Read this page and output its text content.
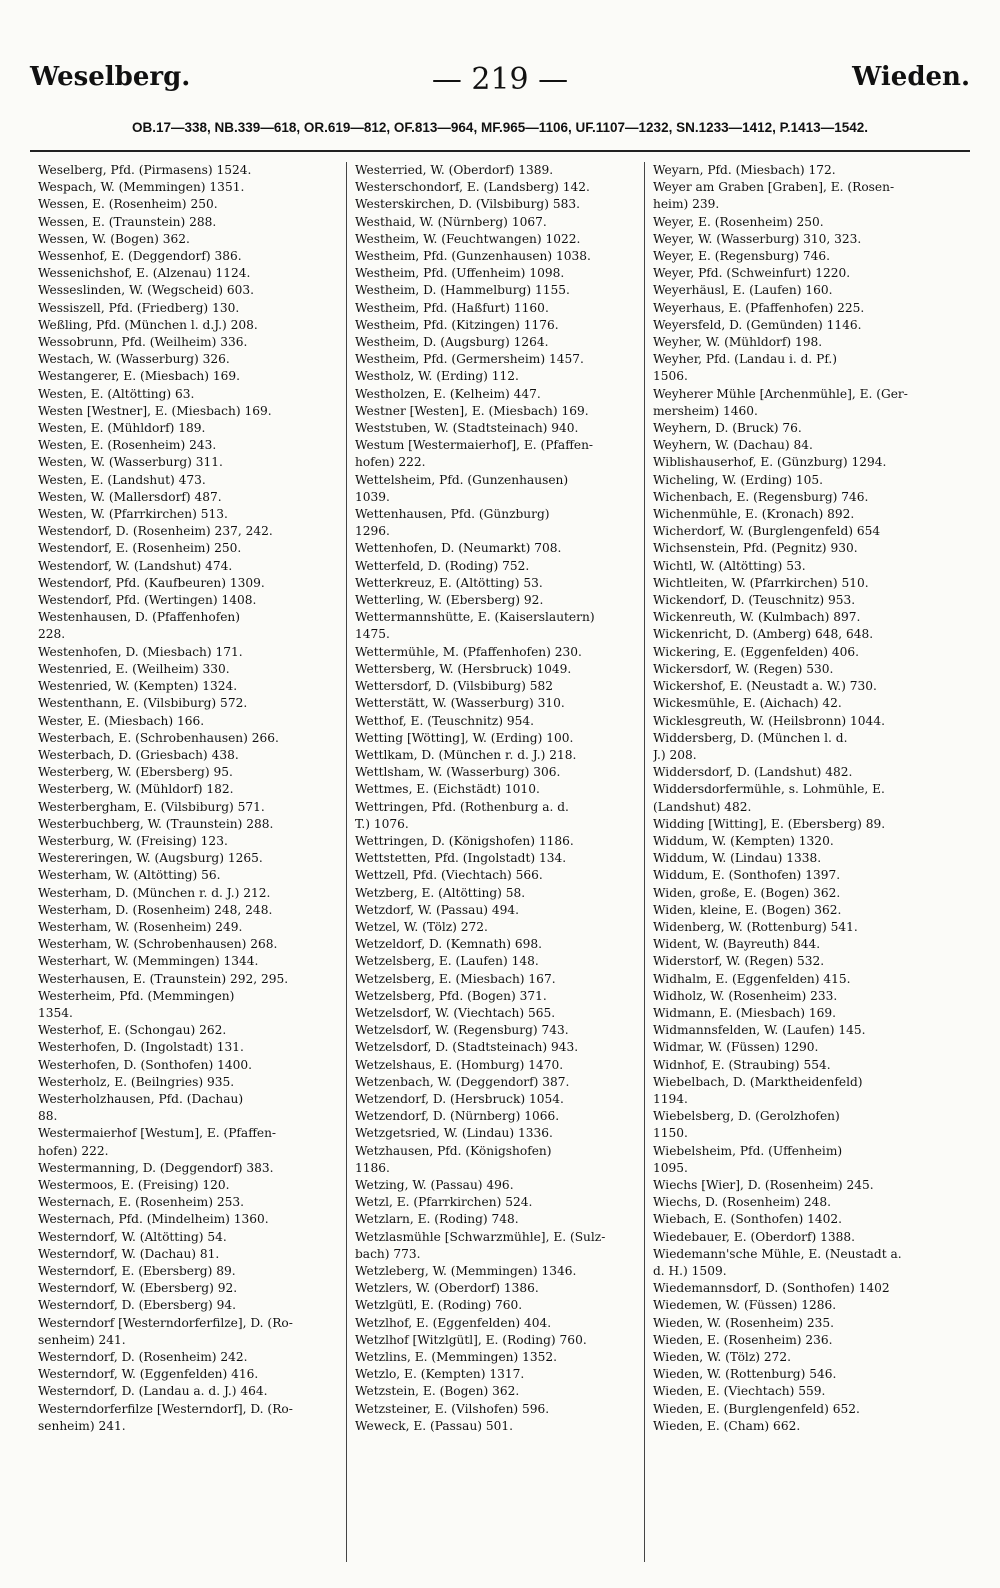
Weselberg.	— 219 —	Wieden.
OB.17—338, NB.339—618, OR.619—812, OF.813—964, MF.965—1106, UF.1107—1232, SN.1233—1412, P.1413—1542.
Weselberg, Pfd. (Pirmasens) 1524.
Wespach, W. (Memmingen) 1351.
Wessen, E. (Rosenheim) 250.
Wessen, E. (Traunstein) 288.
Wessen, W. (Bogen) 362.
Wessenhof, E. (Deggendorf) 386.
Wessenichshof, E. (Alzenau) 1124.
Wesseslinden, W. (Wegscheid) 603.
Wessiszell, Pfd. (Friedberg) 130.
Weßling, Pfd. (München l. d.J.) 208.
Wessobrunn, Pfd. (Weilheim) 336.
Westach, W. (Wasserburg) 326.
Westangerer, E. (Miesbach) 169.
Westen, E. (Altötting) 63.
Westen [Westner], E. (Miesbach) 169.
Westen, E. (Mühldorf) 189.
Westen, E. (Rosenheim) 243.
Westen, W. (Wasserburg) 311.
Westen, E. (Landshut) 473.
Westen, W. (Mallersdorf) 487.
Westen, W. (Pfarrkirchen) 513.
Westendorf, D. (Rosenheim) 237, 242.
Westendorf, E. (Rosenheim) 250.
Westendorf, W. (Landshut) 474.
Westendorf, Pfd. (Kaufbeuren) 1309.
Westendorf, Pfd. (Wertingen) 1408.
Westenhausen, D. (Pfaffenhofen)
228.
Westenhofen, D. (Miesbach) 171.
Westenried, E. (Weilheim) 330.
Westenried, W. (Kempten) 1324.
Westenthann, E. (Vilsbiburg) 572.
Wester, E. (Miesbach) 166.
Westerbach, E. (Schrobenhausen) 266.
Westerbach, D. (Griesbach) 438.
Westerberg, W. (Ebersberg) 95.
Westerberg, W. (Mühldorf) 182.
Westerbergham, E. (Vilsbiburg) 571.
Westerbuchberg, W. (Traunstein) 288.
Westerburg, W. (Freising) 123.
Westereringen, W. (Augsburg) 1265.
Westerham, W. (Altötting) 56.
Westerham, D. (München r. d. J.) 212.
Westerham, D. (Rosenheim) 248, 248.
Westerham, W. (Rosenheim) 249.
Westerham, W. (Schrobenhausen) 268.
Westerhart, W. (Memmingen) 1344.
Westerhausen, E. (Traunstein) 292, 295.
Westerheim, Pfd. (Memmingen)
1354.
Westerhof, E. (Schongau) 262.
Westerhofen, D. (Ingolstadt) 131.
Westerhofen, D. (Sonthofen) 1400.
Westerholz, E. (Beilngries) 935.
Westerholzhausen, Pfd. (Dachau)
88.
Westermaierhof [Westum], E. (Pfaffen-
hofen) 222.
Westermanning, D. (Deggendorf) 383.
Westermoos, E. (Freising) 120.
Westernach, E. (Rosenheim) 253.
Westernach, Pfd. (Mindelheim) 1360.
Westerndorf, W. (Altötting) 54.
Westerndorf, W. (Dachau) 81.
Westerndorf, E. (Ebersberg) 89.
Westerndorf, W. (Ebersberg) 92.
Westerndorf, D. (Ebersberg) 94.
Westerndorf [Westerndorferfilze], D. (Ro-
senheim) 241.
Westerndorf, D. (Rosenheim) 242.
Westerndorf, W. (Eggenfelden) 416.
Westerndorf, D. (Landau a. d. J.) 464.
Westerndorferfilze [Westerndorf], D. (Ro-
senheim) 241.
Westerried, W. (Oberdorf) 1389.
Westerschondorf, E. (Landsberg) 142.
Westerskirchen, D. (Vilsbiburg) 583.
Westhaid, W. (Nürnberg) 1067.
Westheim, W. (Feuchtwangen) 1022.
Westheim, Pfd. (Gunzenhausen) 1038.
Westheim, Pfd. (Uffenheim) 1098.
Westheim, D. (Hammelburg) 1155.
Westheim, Pfd. (Haßfurt) 1160.
Westheim, Pfd. (Kitzingen) 1176.
Westheim, D. (Augsburg) 1264.
Westheim, Pfd. (Germersheim) 1457.
Westholz, W. (Erding) 112.
Westholzen, E. (Kelheim) 447.
Westner [Westen], E. (Miesbach) 169.
Weststuben, W. (Stadtsteinach) 940.
Westum [Westermaierhof], E. (Pfaffen-
hofen) 222.
Wettelsheim, Pfd. (Gunzenhausen)
1039.
Wettenhausen, Pfd. (Günzburg)
1296.
Wettenhofen, D. (Neumarkt) 708.
Wetterfeld, D. (Roding) 752.
Wetterkreuz, E. (Altötting) 53.
Wetterling, W. (Ebersberg) 92.
Wettermannshütte, E. (Kaiserslautern)
1475.
Wettermühle, M. (Pfaffenhofen) 230.
Wettersberg, W. (Hersbruck) 1049.
Wettersdorf, D. (Vilsbiburg) 582
Wetterstätt, W. (Wasserburg) 310.
Wetthof, E. (Teuschnitz) 954.
Wetting [Wötting], W. (Erding) 100.
Wettlkam, D. (München r. d. J.) 218.
Wettlsham, W. (Wasserburg) 306.
Wettmes, E. (Eichstädt) 1010.
Wettringen, Pfd. (Rothenburg a. d.
T.) 1076.
Wettringen, D. (Königshofen) 1186.
Wettstetten, Pfd. (Ingolstadt) 134.
Wettzell, Pfd. (Viechtach) 566.
Wetzberg, E. (Altötting) 58.
Wetzdorf, W. (Passau) 494.
Wetzel, W. (Tölz) 272.
Wetzeldorf, D. (Kemnath) 698.
Wetzelsberg, E. (Laufen) 148.
Wetzelsberg, E. (Miesbach) 167.
Wetzelsberg, Pfd. (Bogen) 371.
Wetzelsdorf, W. (Viechtach) 565.
Wetzelsdorf, W. (Regensburg) 743.
Wetzelsdorf, D. (Stadtsteinach) 943.
Wetzelshaus, E. (Homburg) 1470.
Wetzenbach, W. (Deggendorf) 387.
Wetzendorf, D. (Hersbruck) 1054.
Wetzendorf, D. (Nürnberg) 1066.
Wetzgetsried, W. (Lindau) 1336.
Wetzhausen, Pfd. (Königshofen)
1186.
Wetzing, W. (Passau) 496.
Wetzl, E. (Pfarrkirchen) 524.
Wetzlarn, E. (Roding) 748.
Wetzlasmühle [Schwarzmühle], E. (Sulz-
bach) 773.
Wetzleberg, W. (Memmingen) 1346.
Wetzlers, W. (Oberdorf) 1386.
Wetzlgütl, E. (Roding) 760.
Wetzlhof, E. (Eggenfelden) 404.
Wetzlhof [Witzlgütl], E. (Roding) 760.
Wetzlins, E. (Memmingen) 1352.
Wetzlo, E. (Kempten) 1317.
Wetzstein, E. (Bogen) 362.
Wetzsteiner, E. (Vilshofen) 596.
Weweck, E. (Passau) 501.
Weyarn, Pfd. (Miesbach) 172.
Weyer am Graben [Graben], E. (Rosen-
heim) 239.
Weyer, E. (Rosenheim) 250.
Weyer, W. (Wasserburg) 310, 323.
Weyer, E. (Regensburg) 746.
Weyer, Pfd. (Schweinfurt) 1220.
Weyerhäusl, E. (Laufen) 160.
Weyerhaus, E. (Pfaffenhofen) 225.
Weyersfeld, D. (Gemünden) 1146.
Weyher, W. (Mühldorf) 198.
Weyher, Pfd. (Landau i. d. Pf.)
1506.
Weyherer Mühle [Archenmühle], E. (Ger-
mersheim) 1460.
Weyhern, D. (Bruck) 76.
Weyhern, W. (Dachau) 84.
Wiblishauserhof, E. (Günzburg) 1294.
Wicheling, W. (Erding) 105.
Wichenbach, E. (Regensburg) 746.
Wichenmühle, E. (Kronach) 892.
Wicherdorf, W. (Burglengenfeld) 654
Wichsenstein, Pfd. (Pegnitz) 930.
Wichtl, W. (Altötting) 53.
Wichtleiten, W. (Pfarrkirchen) 510.
Wickendorf, D. (Teuschnitz) 953.
Wickenreuth, W. (Kulmbach) 897.
Wickenricht, D. (Amberg) 648, 648.
Wickering, E. (Eggenfelden) 406.
Wickersdorf, W. (Regen) 530.
Wickershof, E. (Neustadt a. W.) 730.
Wickesmühle, E. (Aichach) 42.
Wicklesgreuth, W. (Heilsbronn) 1044.
Widdersberg, D. (München l. d.
J.) 208.
Widdersdorf, D. (Landshut) 482.
Widdersdorfermühle, s. Lohmühle, E.
(Landshut) 482.
Widding [Witting], E. (Ebersberg) 89.
Widdum, W. (Kempten) 1320.
Widdum, W. (Lindau) 1338.
Widdum, E. (Sonthofen) 1397.
Widen, große, E. (Bogen) 362.
Widen, kleine, E. (Bogen) 362.
Widenberg, W. (Rottenburg) 541.
Wident, W. (Bayreuth) 844.
Widerstorf, W. (Regen) 532.
Widhalm, E. (Eggenfelden) 415.
Widholz, W. (Rosenheim) 233.
Widmann, E. (Miesbach) 169.
Widmannsfelden, W. (Laufen) 145.
Widmar, W. (Füssen) 1290.
Widnhof, E. (Straubing) 554.
Wiebelbach, D. (Marktheidenfeld)
1194.
Wiebelsberg, D. (Gerolzhofen)
1150.
Wiebelsheim, Pfd. (Uffenheim)
1095.
Wiechs [Wier], D. (Rosenheim) 245.
Wiechs, D. (Rosenheim) 248.
Wiebach, E. (Sonthofen) 1402.
Wiedebauer, E. (Oberdorf) 1388.
Wiedemann'sche Mühle, E. (Neustadt a.
d. H.) 1509.
Wiedemannsdorf, D. (Sonthofen) 1402
Wiedemen, W. (Füssen) 1286.
Wieden, W. (Rosenheim) 235.
Wieden, E. (Rosenheim) 236.
Wieden, W. (Tölz) 272.
Wieden, W. (Rottenburg) 546.
Wieden, E. (Viechtach) 559.
Wieden, E. (Burglengenfeld) 652.
Wieden, E. (Cham) 662.
